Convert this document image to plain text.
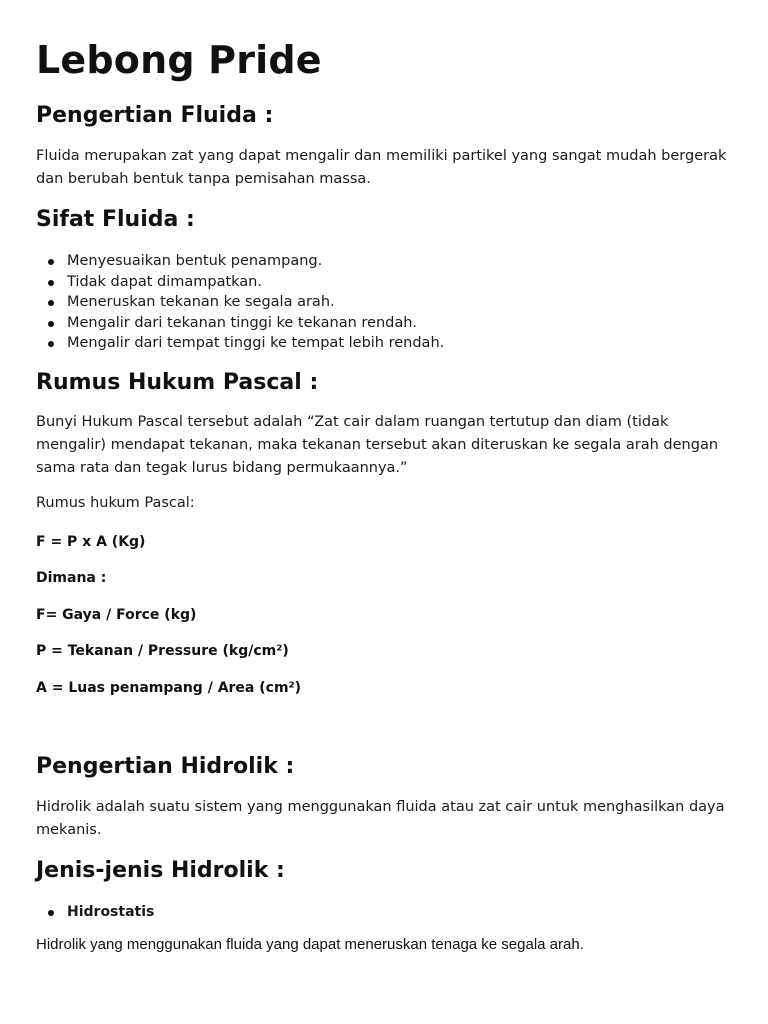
Lebong Pride
Pengertian Fluida :

Fluida merupakan zat yang dapat mengalir dan memiliki partikel yang sangat mudah bergerak dan berubah bentuk tanpa pemisahan massa.

Sifat Fluida :
Menyesuaikan bentuk penampang.
Tidak dapat dimampatkan.
Meneruskan tekanan ke segala arah.
Mengalir dari tekanan tinggi ke tekanan rendah.
Mengalir dari tempat tinggi ke tempat lebih rendah.
Rumus Hukum Pascal :

Bunyi Hukum Pascal tersebut adalah “Zat cair dalam ruangan tertutup dan diam (tidak mengalir) mendapat tekanan, maka tekanan tersebut akan diteruskan ke segala arah dengan sama rata dan tegak lurus bidang permukaannya.”

Rumus hukum Pascal:

F = P x A (Kg)

Dimana :

F= Gaya / Force (kg)

P = Tekanan / Pressure (kg/cm²)

A = Luas penampang / Area (cm²)

Pengertian Hidrolik :

Hidrolik adalah suatu sistem yang menggunakan fluida atau zat cair untuk menghasilkan daya mekanis.

Jenis-jenis Hidrolik :
Hidrostatis

Hidrolik yang menggunakan fluida yang dapat meneruskan tenaga ke segala arah.
